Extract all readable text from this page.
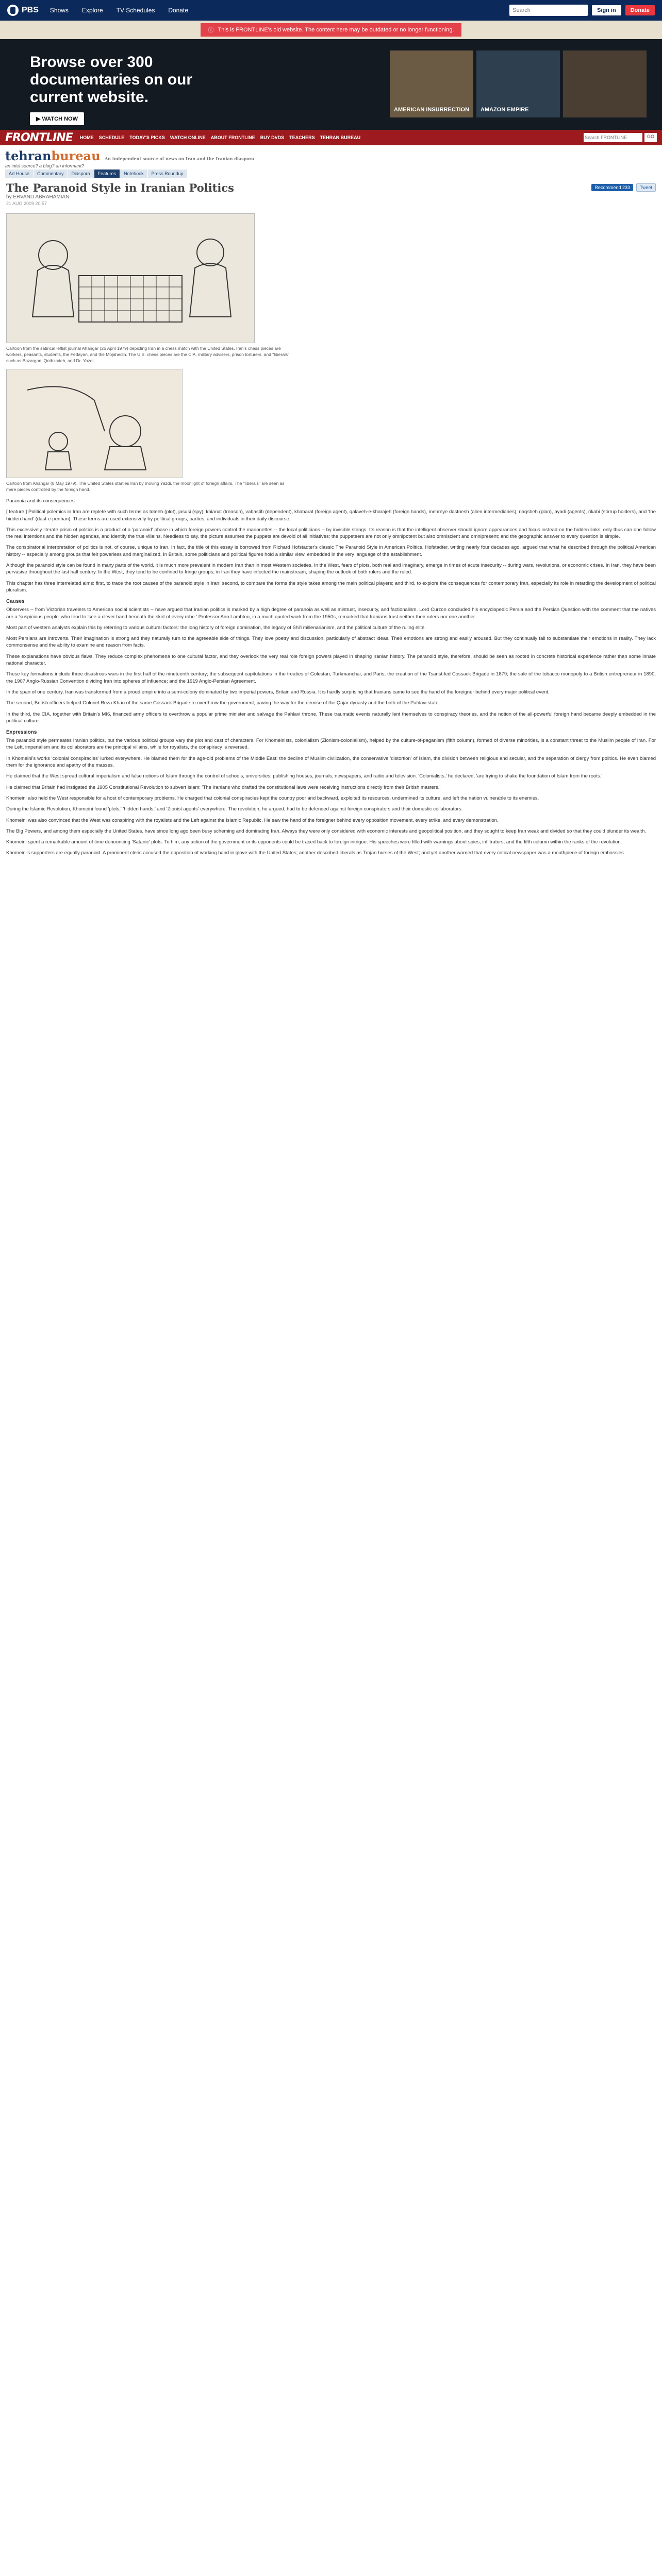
PBS Shows Explore TV Schedules Donate
Search	Sign in	Donate
ⓘ This is FRONTLINE's old website. The content here may be outdated or no longer functioning.
Browse over 300 documentaries on our current website.
▶ WATCH NOW
AMERICAN INSURRECTION AMAZON EMPIRE
FRONTLINE HOME SCHEDULE TODAY'S PICKS WATCH ONLINE ABOUT FRONTLINE BUY DVDS TEACHERS TEHRAN BUREAU
Search FRONTLINE	GO
tehranbureau An independent source of news on Iran and the Iranian diaspora
an intel source? a blog? an informant?
Art House	Commentary	Diaspora	Features	Notebook	Press Roundup
Recommend 233	Tweet
The Paranoid Style in Iranian Politics
by ERVAND ABRAHAMIAN
21 AUG 2009 20:57
Cartoon from the satirical leftist journal Ahangar (26 April 1979) depicting Iran in a chess match with the United States. Iran's chess pieces are workers, peasants, students, the Fedayan, and the Mojahedin. The U.S. chess pieces are the CIA, military advisers, prison torturers, and "liberals" such as Bazargan, Qotbzadeh, and Dr. Yazdi.
Cartoon from Ahangar (8 May 1979). The United States startles Iran by moving Yazdi, the moonlight of foreign affairs. The "liberals" are seen as mere pieces controlled by the foreign hand.

Paranoia and its consequences

[ feature ] Political polemics in Iran are replete with such terms as toteeh (plot), jasusi (spy), khianat (treason), vabastih (dependent), khabarat (foreign agent), qalaveh-e-kharajeh (foreign hands), mehreye dastnesh (alien intermediaries), naqsheh (plan), ayadi (agents), rikabi (stirrup holders), and 'the hidden hand' (dast-e-penhan). These terms are used extensively by political groups, parties, and individuals in their daily discourse.

This excessively literate prism of politics is a product of a 'paranoid' phase in which foreign powers control the marionettes -- the local politicians -- by invisible strings. Its reason is that the intelligent observer should ignore appearances and focus instead on the hidden links; only thus can one follow the real intentions and the hidden agendas, and identify the true villains. Needless to say, the picture assumes the puppets are devoid of all initiatives; the puppeteers are not only omnipotent but also omniscient and omnipresent; and the geographic answer to every question is simple.

The conspiratorial interpretation of politics is not, of course, unique to Iran. In fact, the title of this essay is borrowed from Richard Hofstadter's classic The Paranoid Style in American Politics. Hofstadter, writing nearly four decades ago, argued that what he described through the political American history -- especially among groups that felt powerless and marginalized. In Britain, some politicians and political figures hold a similar view, embedded in the very language of the establishment.

Although the paranoid style can be found in many parts of the world, it is much more prevalent in modern Iran than in most Western societies. In the West, fears of plots, both real and imaginary, emerge in times of acute insecurity -- during wars, revolutions, or economic crises. In Iran, they have been pervasive throughout the last half century. In the West, they tend to be confined to fringe groups; in Iran they have infected the mainstream, shaping the outlook of both rulers and the ruled.

This chapter has three interrelated aims: first, to trace the root causes of the paranoid style in Iran; second, to compare the forms the style takes among the main political players; and third, to explore the consequences for contemporary Iran, especially its role in retarding the development of political pluralism.

Causes

Observers -- from Victorian travelers to American social scientists -- have argued that Iranian politics is marked by a high degree of paranoia as well as mistrust, insecurity, and factionalism. Lord Curzon concluded his encyclopedic Persia and the Persian Question with the comment that the natives are a 'suspicious people' who tend to 'see a clever hand beneath the skirt of every robe.' Professor Ann Lambton, in a much quoted work from the 1950s, remarked that Iranians trust neither their rulers nor one another.

Most part of western analysts explain this by referring to various cultural factors: the long history of foreign domination, the legacy of Shi'i millenarianism, and the political culture of the ruling elite.

Most Persians are introverts. Their imagination is strong and they naturally turn to the agreeable side of things. They love poetry and discussion, particularly of abstract ideas. Their emotions are strong and easily aroused. But they continually fail to substantiate their emotions in reality. They lack commonsense and the ability to examine and reason from facts.

These explanations have obvious flaws. They reduce complex phenomena to one cultural factor, and they overlook the very real role foreign powers played in shaping Iranian history. The paranoid style, therefore, should be seen as rooted in concrete historical experience rather than some innate national character.

These key formations include three disastrous wars in the first half of the nineteenth century; the subsequent capitulations in the treaties of Golestan, Turkmanchai, and Paris; the creation of the Tsarist-led Cossack Brigade in 1879; the sale of the tobacco monopoly to a British entrepreneur in 1890; the 1907 Anglo-Russian Convention dividing Iran into spheres of influence; and the 1919 Anglo-Persian Agreement.

In the span of one century, Iran was transformed from a proud empire into a semi-colony dominated by two imperial powers, Britain and Russia. It is hardly surprising that Iranians came to see the hand of the foreigner behind every major political event.

The second, British officers helped Colonel Reza Khan of the same Cossack Brigade to overthrow the government, paving the way for the demise of the Qajar dynasty and the birth of the Pahlavi state.

In the third, the CIA, together with Britain's MI6, financed army officers to overthrow a popular prime minister and salvage the Pahlavi throne. These traumatic events naturally lent themselves to conspiracy theories, and the notion of the all-powerful foreign hand became deeply embedded in the political culture.

Expressions

The paranoid style permeates Iranian politics, but the various political groups vary the plot and cast of characters. For Khomeinists, colonialism (Zionism-colonialism), helped by the culture-of-paganism (fifth column), formed of diverse minorities, is a constant threat to the Muslim people of Iran. For the Left, imperialism and its collaborators are the principal villains, while for royalists, the conspiracy is reversed.

In Khomeini's works 'colonial conspiracies' lurked everywhere. He blamed them for the age-old problems of the Middle East: the decline of Muslim civilization, the conservative 'distortion' of Islam, the division between religious and secular, and the separation of clergy from politics. He even blamed them for the ignorance and apathy of the masses.

He claimed that the West spread cultural imperialism and false notions of Islam through the control of schools, universities, publishing houses, journals, newspapers, and radio and television. 'Colonialists,' he declared, 'are trying to shake the foundation of Islam from the roots.'

He claimed that Britain had instigated the 1905 Constitutional Revolution to subvert Islam: 'The Iranians who drafted the constitutional laws were receiving instructions directly from their British masters.'

Khomeini also held the West responsible for a host of contemporary problems. He charged that colonial conspiracies kept the country poor and backward, exploited its resources, undermined its culture, and left the nation vulnerable to its enemies.

During the Islamic Revolution, Khomeini found 'plots,' 'hidden hands,' and 'Zionist agents' everywhere. The revolution, he argued, had to be defended against foreign conspirators and their domestic collaborators.

Khomeini was also convinced that the West was conspiring with the royalists and the Left against the Islamic Republic. He saw the hand of the foreigner behind every opposition movement, every strike, and every demonstration.

The Big Powers, and among them especially the United States, have since long ago been busy scheming and dominating Iran. Always they were only considered with economic interests and geopolitical position, and they sought to keep Iran weak and divided so that they could plunder its wealth.

Khomeini spent a remarkable amount of time denouncing 'Satanic' plots. To him, any action of the government or its opponents could be traced back to foreign intrigue. His speeches were filled with warnings about spies, infiltrators, and the fifth column within the ranks of the revolution.

Khomeini's supporters are equally paranoid. A prominent cleric accused the opposition of working hand in glove with the United States; another described liberals as Trojan horses of the West; and yet another warned that every critical newspaper was a mouthpiece of foreign embassies.
